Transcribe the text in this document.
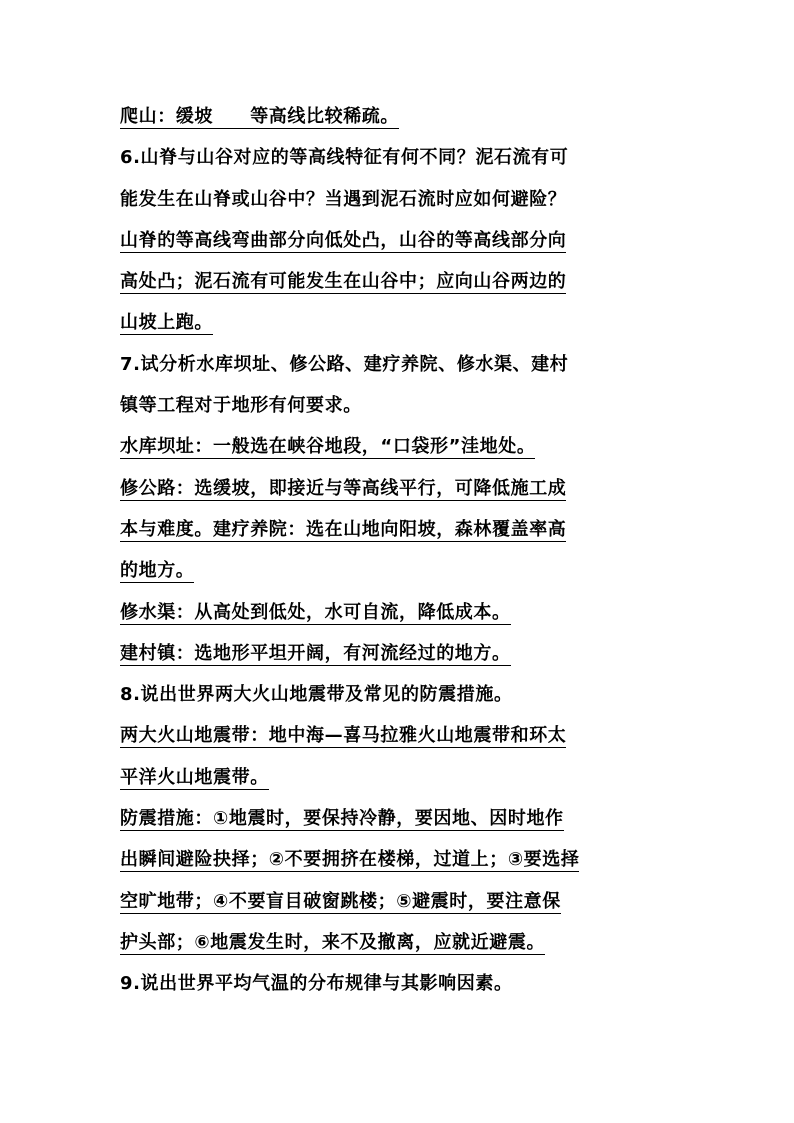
爬山：缓坡　　等高线比较稀疏。
6.山脊与山谷对应的等高线特征有何不同？泥石流有可
能发生在山脊或山谷中？当遇到泥石流时应如何避险？
山脊的等高线弯曲部分向低处凸，山谷的等高线部分向
高处凸；泥石流有可能发生在山谷中；应向山谷两边的
山坡上跑。
7.试分析水库坝址、修公路、建疗养院、修水渠、建村
镇等工程对于地形有何要求。
水库坝址：一般选在峡谷地段，“口袋形”洼地处。
修公路：选缓坡，即接近与等高线平行，可降低施工成
本与难度。建疗养院：选在山地向阳坡，森林覆盖率高
的地方。
修水渠：从高处到低处，水可自流，降低成本。
建村镇：选地形平坦开阔，有河流经过的地方。
8.说出世界两大火山地震带及常见的防震措施。
两大火山地震带：地中海—喜马拉雅火山地震带和环太
平洋火山地震带。
防震措施：①地震时，要保持冷静，要因地、因时地作
出瞬间避险抉择；②不要拥挤在楼梯，过道上；③要选择
空旷地带；④不要盲目破窗跳楼；⑤避震时，要注意保
护头部；⑥地震发生时，来不及撤离，应就近避震。
9.说出世界平均气温的分布规律与其影响因素。
